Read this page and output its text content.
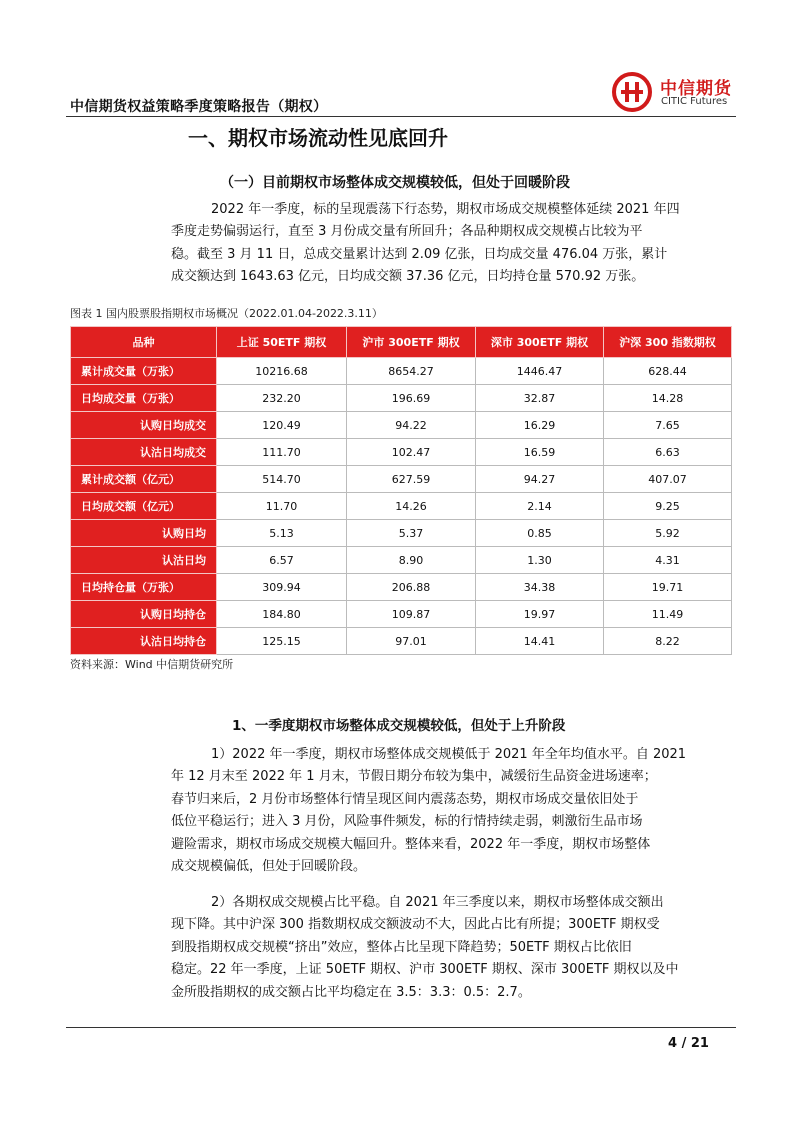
中信期货权益策略季度策略报告（期权）
中信期货
CITIC Futures
一、期权市场流动性见底回升
（一）目前期权市场整体成交规模较低，但处于回暖阶段
2022 年一季度，标的呈现震荡下行态势，期权市场成交规模整体延续 2021 年四
季度走势偏弱运行，直至 3 月份成交量有所回升；各品种期权成交规模占比较为平
稳。截至 3 月 11 日，总成交量累计达到 2.09 亿张，日均成交量 476.04 万张，累计
成交额达到 1643.63 亿元，日均成交额 37.36 亿元，日均持仓量 570.92 万张。
图表 1 国内股票股指期权市场概况（2022.01.04-2022.3.11）
品种	上证 50ETF 期权	沪市 300ETF 期权	深市 300ETF 期权	沪深 300 指数期权
累计成交量（万张）	10216.68	8654.27	1446.47	628.44
日均成交量（万张）	232.20	196.69	32.87	14.28
认购日均成交	120.49	94.22	16.29	7.65
认沽日均成交	111.70	102.47	16.59	6.63
累计成交额（亿元）	514.70	627.59	94.27	407.07
日均成交额（亿元）	11.70	14.26	2.14	9.25
认购日均	5.13	5.37	0.85	5.92
认沽日均	6.57	8.90	1.30	4.31
日均持仓量（万张）	309.94	206.88	34.38	19.71
认购日均持仓	184.80	109.87	19.97	11.49
认沽日均持仓	125.15	97.01	14.41	8.22
资料来源：Wind 中信期货研究所
1、一季度期权市场整体成交规模较低，但处于上升阶段
1）2022 年一季度，期权市场整体成交规模低于 2021 年全年均值水平。自 2021
年 12 月末至 2022 年 1 月末，节假日期分布较为集中，减缓衍生品资金进场速率；
春节归来后，2 月份市场整体行情呈现区间内震荡态势，期权市场成交量依旧处于
低位平稳运行；进入 3 月份，风险事件频发，标的行情持续走弱，刺激衍生品市场
避险需求，期权市场成交规模大幅回升。整体来看，2022 年一季度，期权市场整体
成交规模偏低，但处于回暖阶段。
2）各期权成交规模占比平稳。自 2021 年三季度以来，期权市场整体成交额出
现下降。其中沪深 300 指数期权成交额波动不大，因此占比有所提；300ETF 期权受
到股指期权成交规模“挤出”效应，整体占比呈现下降趋势；50ETF 期权占比依旧
稳定。22 年一季度，上证 50ETF 期权、沪市 300ETF 期权、深市 300ETF 期权以及中
金所股指期权的成交额占比平均稳定在 3.5：3.3：0.5：2.7。
4 / 21
